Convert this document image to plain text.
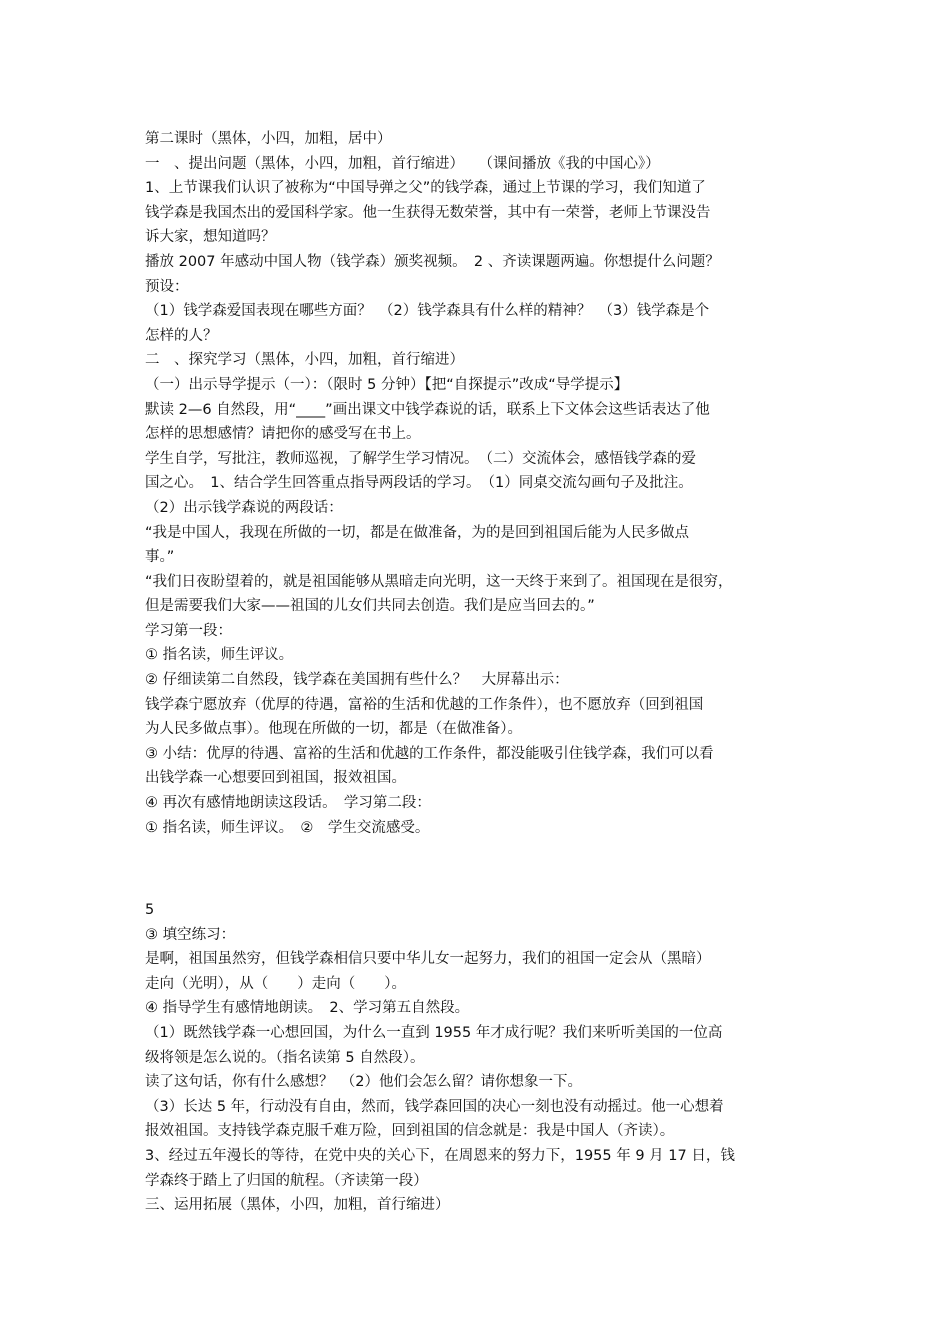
第二课时（黑体，小四，加粗，居中）

一　、提出问题（黑体，小四，加粗，首行缩进）　　（课间播放《我的中国心》）

1、上节课我们认识了被称为“中国导弹之父”的钱学森，通过上节课的学习，我们知道了

钱学森是我国杰出的爱国科学家。他一生获得无数荣誉，其中有一荣誉，老师上节课没告

诉大家，想知道吗？

播放 2007 年感动中国人物（钱学森）颁奖视频。　2 、齐读课题两遍。你想提什么问题？

预设：

（1）钱学森爱国表现在哪些方面？　（2）钱学森具有什么样的精神？　（3）钱学森是个

怎样的人？

二　、探究学习（黑体，小四，加粗，首行缩进）

（一）出示导学提示（一）：（限时 5 分钟）【把“自探提示”改成“导学提示】

默读 2—6 自然段，用“____”画出课文中钱学森说的话，联系上下文体会这些话表达了他

怎样的思想感情？请把你的感受写在书上。

学生自学，写批注，教师巡视，了解学生学习情况。　（二）交流体会，感悟钱学森的爱

国之心。　1、结合学生回答重点指导两段话的学习。　（1）同桌交流勾画句子及批注。

（2）出示钱学森说的两段话：

“我是中国人，我现在所做的一切，都是在做准备，为的是回到祖国后能为人民多做点

事。”

“我们日夜盼望着的，就是祖国能够从黑暗走向光明，这一天终于来到了。祖国现在是很穷，

但是需要我们大家——祖国的儿女们共同去创造。我们是应当回去的。”

学习第一段：

① 指名读，师生评议。

② 仔细读第二自然段，钱学森在美国拥有些什么？　大屏幕出示：

钱学森宁愿放弃（优厚的待遇，富裕的生活和优越的工作条件），也不愿放弃（回到祖国

为人民多做点事）。他现在所做的一切，都是（在做准备）。

③ 小结：优厚的待遇、富裕的生活和优越的工作条件，都没能吸引住钱学森，我们可以看

出钱学森一心想要回到祖国，报效祖国。

④ 再次有感情地朗读这段话。　学习第二段：

① 指名读，师生评议。　②　学生交流感受。

5

③ 填空练习：

是啊，祖国虽然穷，但钱学森相信只要中华儿女一起努力，我们的祖国一定会从（黑暗）

走向（光明），从（　　）走向（　　）。

④ 指导学生有感情地朗读。　2、学习第五自然段。

（1）既然钱学森一心想回国，为什么一直到 1955 年才成行呢？我们来听听美国的一位高

级将领是怎么说的。（指名读第 5 自然段）。

读了这句话，你有什么感想？　（2）他们会怎么留？请你想象一下。

（3）长达 5 年，行动没有自由，然而，钱学森回国的决心一刻也没有动摇过。他一心想着

报效祖国。支持钱学森克服千难万险，回到祖国的信念就是：我是中国人（齐读）。

3、经过五年漫长的等待，在党中央的关心下，在周恩来的努力下，1955 年 9 月 17 日，钱

学森终于踏上了归国的航程。（齐读第一段）

三、运用拓展（黑体，小四，加粗，首行缩进）
